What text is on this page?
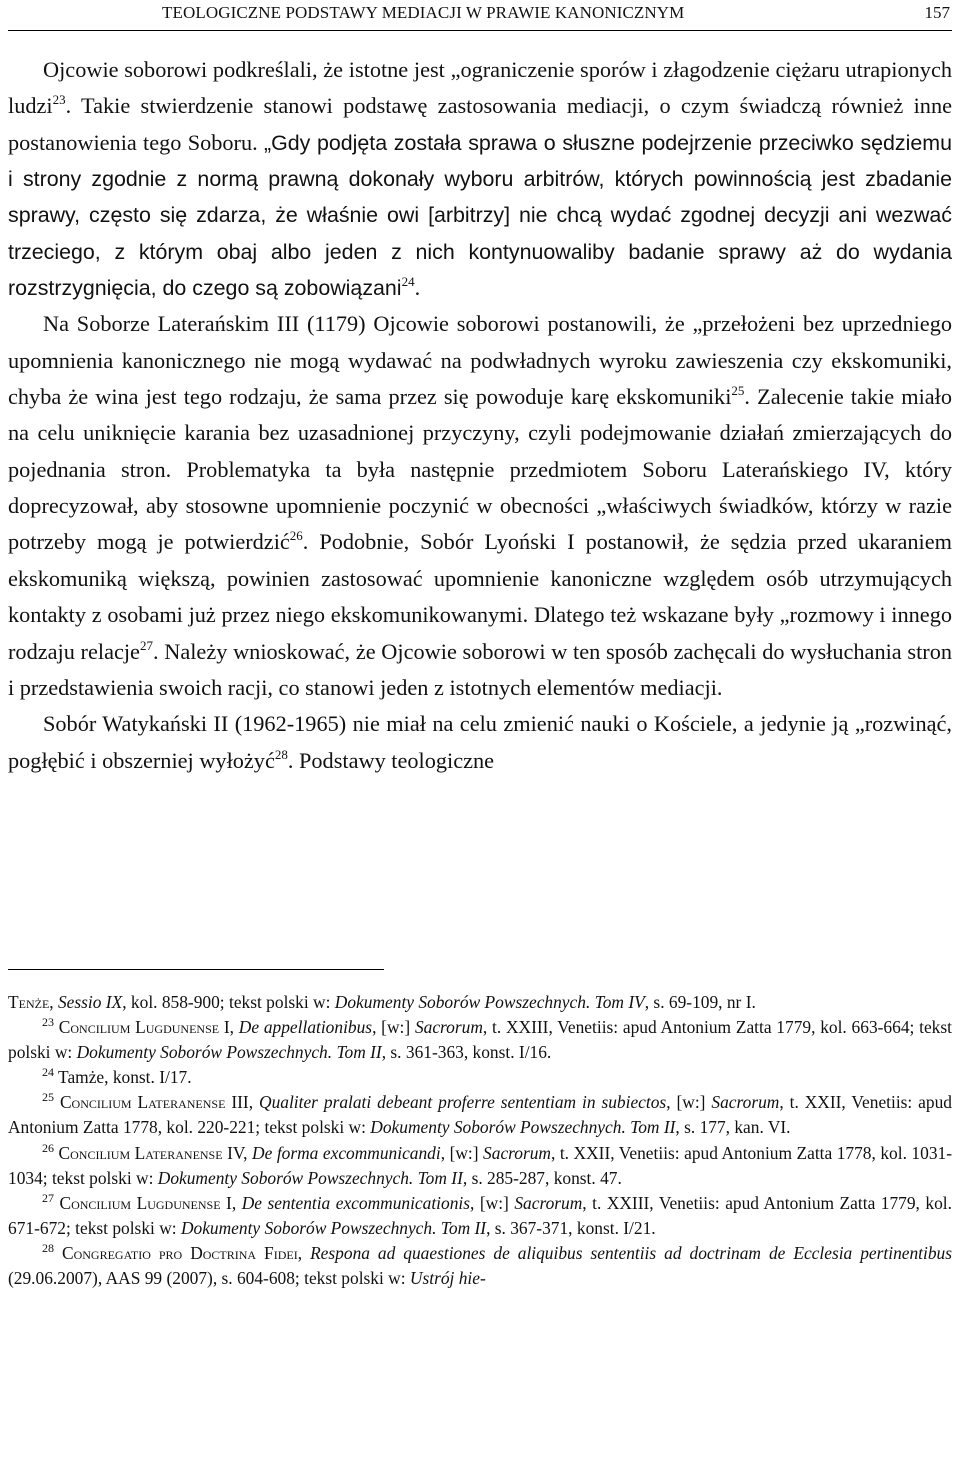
TEOLOGICZNE PODSTAWY MEDIACJI W PRAWIE KANONICZNYM	157

Ojcowie soborowi podkreślali, że istotne jest „ograniczenie sporów i złagodzenie ciężaru utrapionych ludzi$^{23}$. Takie stwierdzenie stanowi podstawę zastosowania mediacji, o czym świadczą również inne postanowienia tego Soboru. „Gdy podjęta została sprawa o słuszne podejrzenie przeciwko sędziemu i strony zgodnie z normą prawną dokonały wyboru arbitrów, których powinnością jest zbadanie sprawy, często się zdarza, że właśnie owi [arbitrzy] nie chcą wydać zgodnej decyzji ani wezwać trzeciego, z którym obaj albo jeden z nich kontynuowaliby badanie sprawy aż do wydania rozstrzygnięcia, do czego są zobowiązani$^{24}$.

Na Soborze Laterańskim III (1179) Ojcowie soborowi postanowili, że „przełożeni bez uprzedniego upomnienia kanonicznego nie mogą wydawać na podwładnych wyroku zawieszenia czy ekskomuniki, chyba że wina jest tego rodzaju, że sama przez się powoduje karę ekskomuniki$^{25}$. Zalecenie takie miało na celu uniknięcie karania bez uzasadnionej przyczyny, czyli podejmowanie działań zmierzających do pojednania stron. Problematyka ta była następnie przedmiotem Soboru Laterańskiego IV, który doprecyzował, aby stosowne upomnienie poczynić w obecności „właściwych świadków, którzy w razie potrzeby mogą je potwierdzić$^{26}$. Podobnie, Sobór Lyoński I postanowił, że sędzia przed ukaraniem ekskomuniką większą, powinien zastosować upomnienie kanoniczne względem osób utrzymujących kontakty z osobami już przez niego ekskomunikowanymi. Dlatego też wskazane były „rozmowy i innego rodzaju relacje$^{27}$. Należy wnioskować, że Ojcowie soborowi w ten sposób zachęcali do wysłuchania stron i przedstawienia swoich racji, co stanowi jeden z istotnych elementów mediacji.

Sobór Watykański II (1962-1965) nie miał na celu zmienić nauki o Kościele, a jedynie ją „rozwinąć, pogłębić i obszerniej wyłożyć$^{28}$. Podstawy teologiczne

Tenże, Sessio IX, kol. 858-900; tekst polski w: Dokumenty Soborów Powszechnych. Tom IV, s. 69-109, nr I.

$^{23}$ Concilium Lugdunense I, De appellationibus, [w:] Sacrorum, t. XXIII, Venetiis: apud Antonium Zatta 1779, kol. 663-664; tekst polski w: Dokumenty Soborów Powszechnych. Tom II, s. 361-363, konst. I/16.

$^{24}$ Tamże, konst. I/17.

$^{25}$ Concilium Lateranense III, Qualiter pralati debeant proferre sententiam in subiectos, [w:] Sacrorum, t. XXII, Venetiis: apud Antonium Zatta 1778, kol. 220-221; tekst polski w: Dokumenty Soborów Powszechnych. Tom II, s. 177, kan. VI.

$^{26}$ Concilium Lateranense IV, De forma excommunicandi, [w:] Sacrorum, t. XXII, Venetiis: apud Antonium Zatta 1778, kol. 1031-1034; tekst polski w: Dokumenty Soborów Powszechnych. Tom II, s. 285-287, konst. 47.

$^{27}$ Concilium Lugdunense I, De sententia excommunicationis, [w:] Sacrorum, t. XXIII, Venetiis: apud Antonium Zatta 1779, kol. 671-672; tekst polski w: Dokumenty Soborów Powszechnych. Tom II, s. 367-371, konst. I/21.

$^{28}$ Congregatio pro Doctrina Fidei, Respona ad quaestiones de aliquibus sententiis ad doctrinam de Ecclesia pertinentibus (29.06.2007), AAS 99 (2007), s. 604-608; tekst polski w: Ustrój hie-
